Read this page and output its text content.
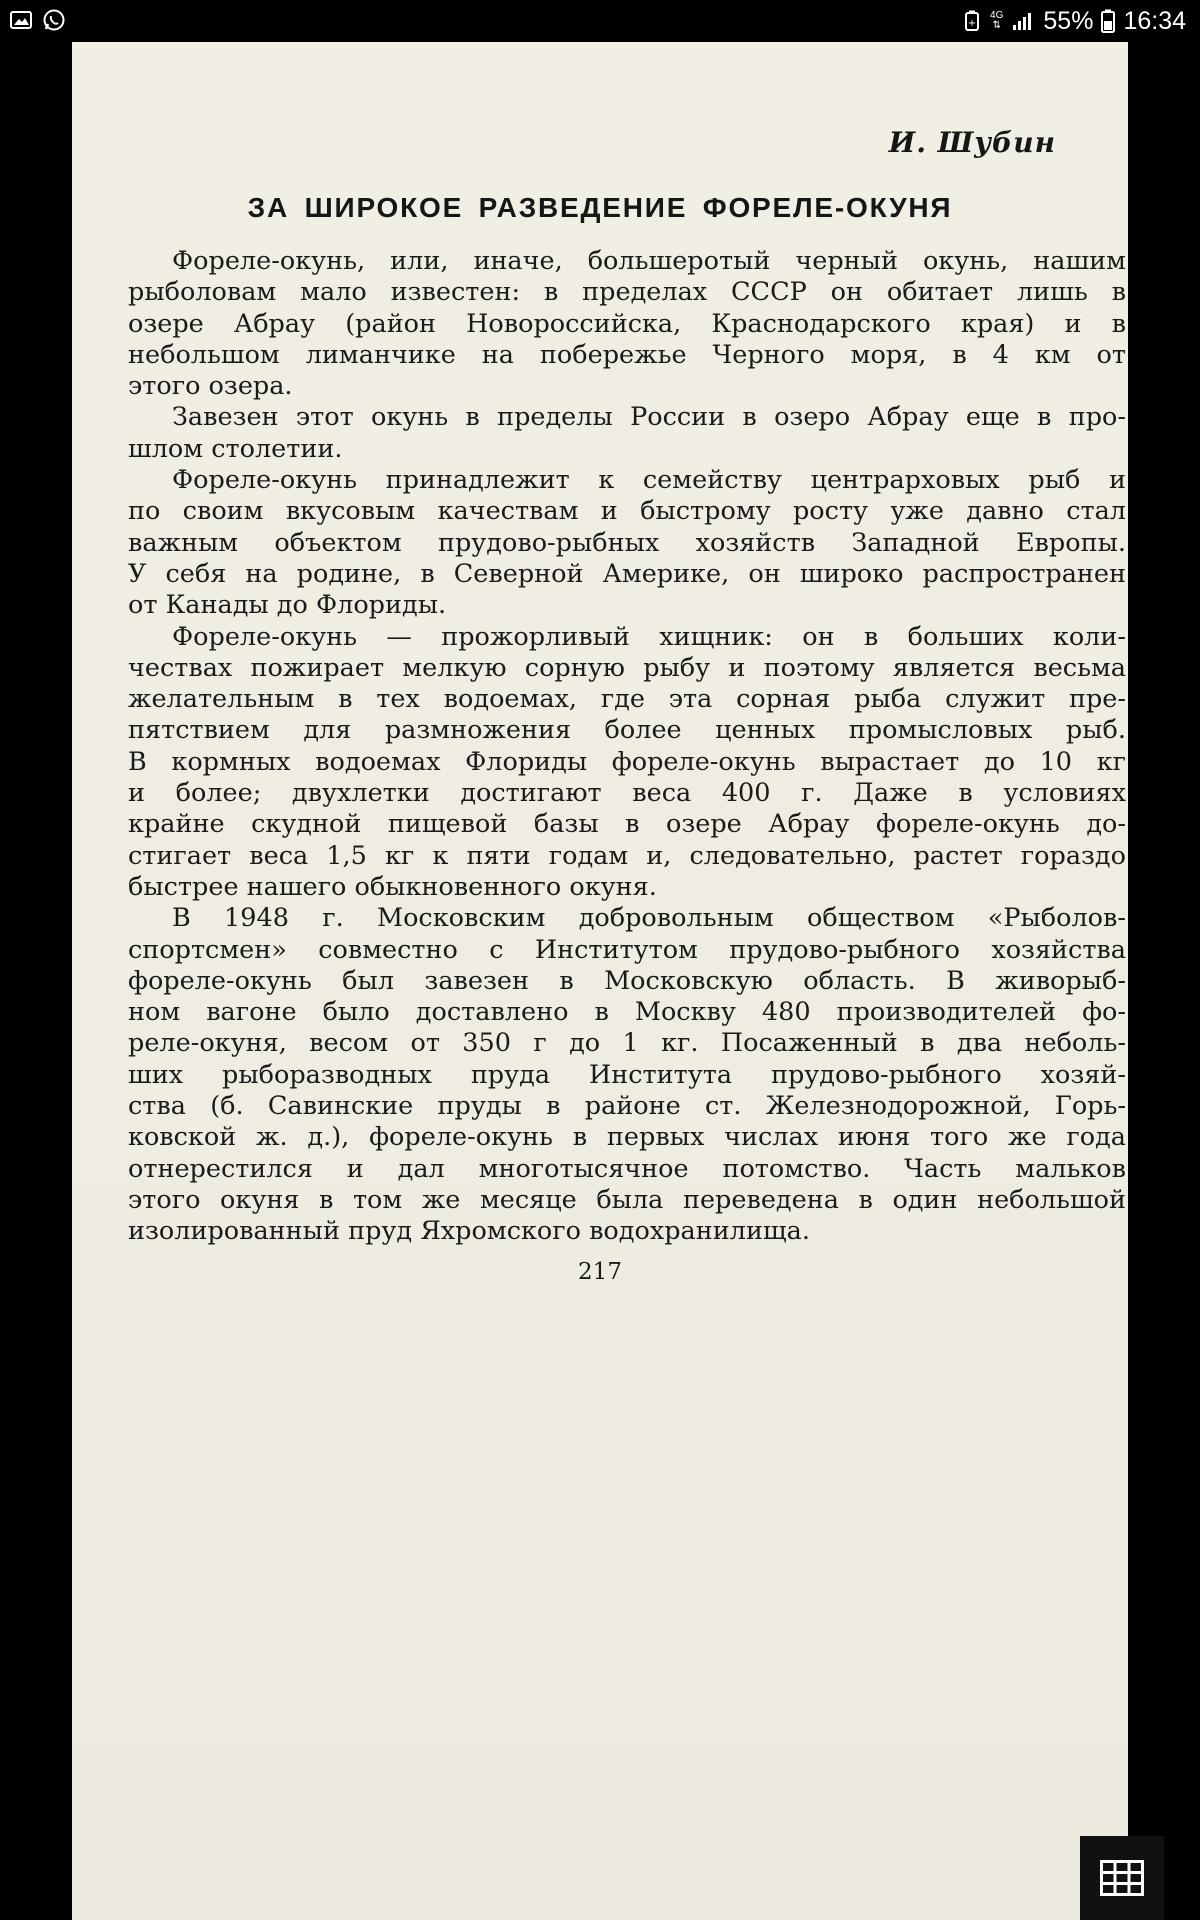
+
4G
⇅ 55% 16:34
И. Шубин
ЗА ШИРОКОЕ РАЗВЕДЕНИЕ ФОРЕЛЕ-ОКУНЯ
Фореле-окунь, или, иначе, большеротый черный окунь, нашим
рыболовам мало известен: в пределах СССР он обитает лишь в
озере Абрау (район Новороссийска, Краснодарского края) и в
небольшом лиманчике на побережье Черного моря, в 4 км от
этого озера.
Завезен этот окунь в пределы России в озеро Абрау еще в про-
шлом столетии.
Фореле-окунь принадлежит к семейству центрарховых рыб и
по своим вкусовым качествам и быстрому росту уже давно стал
важным объектом прудово-рыбных хозяйств Западной Европы.
У себя на родине, в Северной Америке, он широко распространен
от Канады до Флориды.
Фореле-окунь — прожорливый хищник: он в больших коли-
чествах пожирает мелкую сорную рыбу и поэтому является весьма
желательным в тех водоемах, где эта сорная рыба служит пре-
пятствием для размножения более ценных промысловых рыб.
В кормных водоемах Флориды фореле-окунь вырастает до 10 кг
и более; двухлетки достигают веса 400 г. Даже в условиях
крайне скудной пищевой базы в озере Абрау фореле-окунь до-
стигает веса 1,5 кг к пяти годам и, следовательно, растет гораздо
быстрее нашего обыкновенного окуня.
В 1948 г. Московским добровольным обществом «Рыболов-
спортсмен» совместно с Институтом прудово-рыбного хозяйства
фореле-окунь был завезен в Московскую область. В живорыб-
ном вагоне было доставлено в Москву 480 производителей фо-
реле-окуня, весом от 350 г до 1 кг. Посаженный в два неболь-
ших рыборазводных пруда Института прудово-рыбного хозяй-
ства (б. Савинские пруды в районе ст. Железнодорожной, Горь-
ковской ж. д.), фореле-окунь в первых числах июня того же года
отнерестился и дал многотысячное потомство. Часть мальков
этого окуня в том же месяце была переведена в один небольшой
изолированный пруд Яхромского водохранилища.
217
